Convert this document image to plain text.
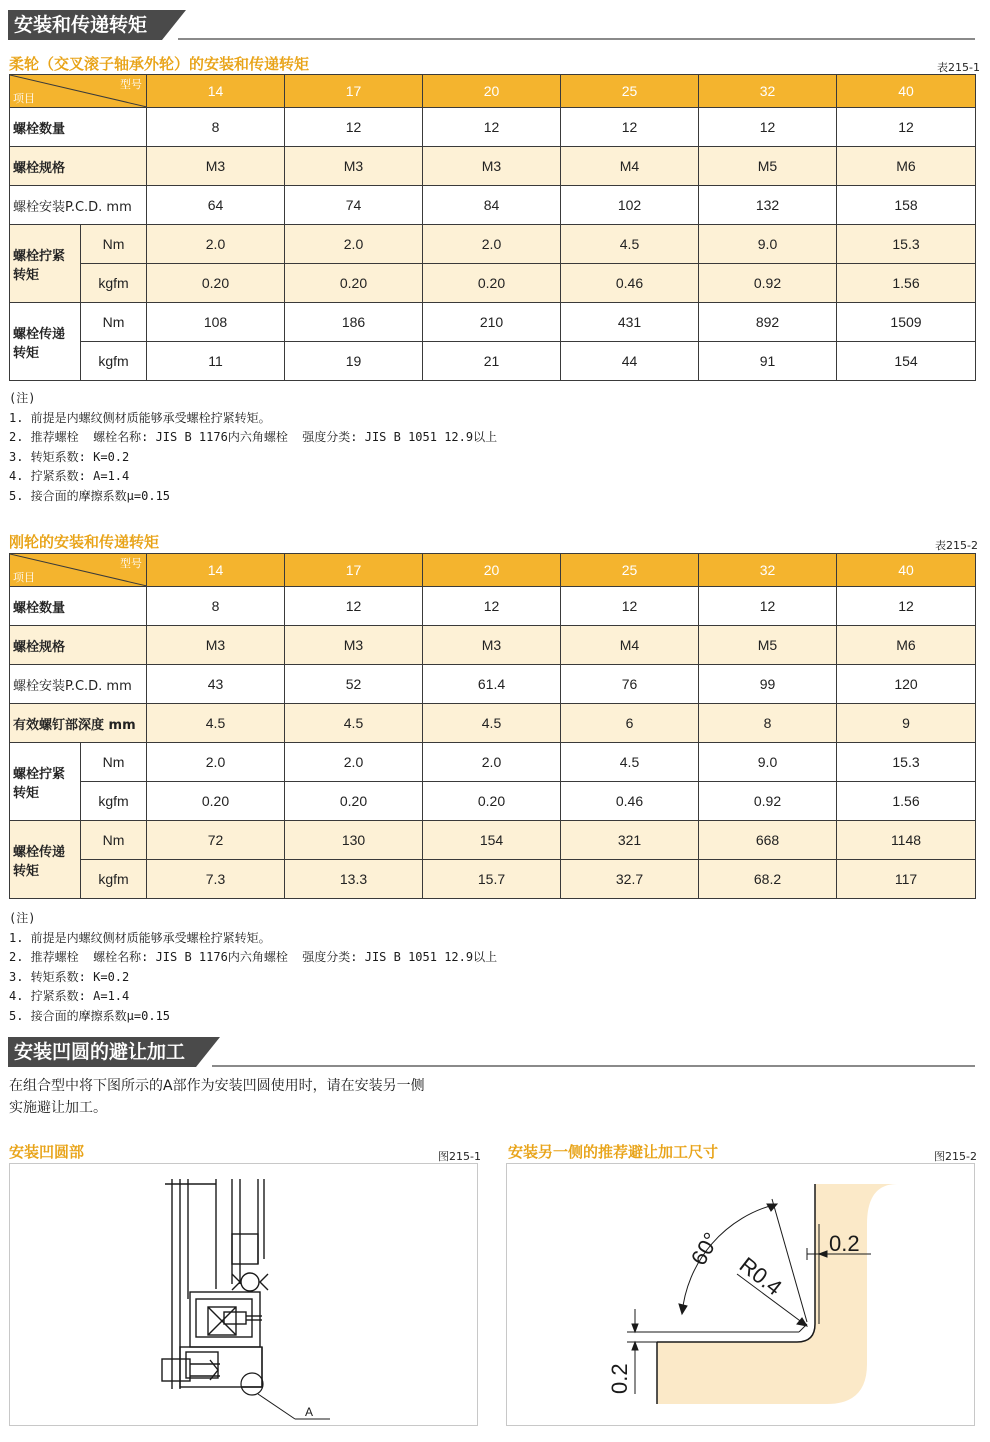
安装和传递转矩
柔轮（交叉滚子轴承外轮）的安装和传递转矩	表215-1
型号
项目		14	17	20	25	32	40
螺栓数量		8	12	12	12	12	12
螺栓规格		M3	M3	M3	M4	M5	M6
螺栓安装P.C.D. mm		64	74	84	102	132	158
螺栓拧紧
转矩	Nm	2.0	2.0	2.0	4.5	9.0	15.3
	kgfm	0.20	0.20	0.20	0.46	0.92	1.56
螺栓传递
转矩	Nm	108	186	210	431	892	1509
	kgfm	11	19	21	44	91	154
(注)
1. 前提是内螺纹侧材质能够承受螺栓拧紧转矩。
2. 推荐螺栓  螺栓名称: JIS B 1176内六角螺栓  强度分类: JIS B 1051 12.9以上
3. 转矩系数: K=0.2
4. 拧紧系数: A=1.4
5. 接合面的摩擦系数μ=0.15
刚轮的安装和传递转矩	表215-2
型号
项目		14	17	20	25	32	40
螺栓数量		8	12	12	12	12	12
螺栓规格		M3	M3	M3	M4	M5	M6
螺栓安装P.C.D. mm		43	52	61.4	76	99	120
有效螺钉部深度 mm		4.5	4.5	4.5	6	8	9
螺栓拧紧
转矩	Nm	2.0	2.0	2.0	4.5	9.0	15.3
	kgfm	0.20	0.20	0.20	0.46	0.92	1.56
螺栓传递
转矩	Nm	72	130	154	321	668	1148
	kgfm	7.3	13.3	15.7	32.7	68.2	117
(注)
1. 前提是内螺纹侧材质能够承受螺栓拧紧转矩。
2. 推荐螺栓  螺栓名称: JIS B 1176内六角螺栓  强度分类: JIS B 1051 12.9以上
3. 转矩系数: K=0.2
4. 拧紧系数: A=1.4
5. 接合面的摩擦系数μ=0.15
安装凹圆的避让加工
在组合型中将下图所示的A部作为安装凹圆使用时，请在安装另一侧
实施避让加工。
安装凹圆部	图215-1
A
安装另一侧的推荐避让加工尺寸	图215-2
60°
R0.4
0.2
0.2
